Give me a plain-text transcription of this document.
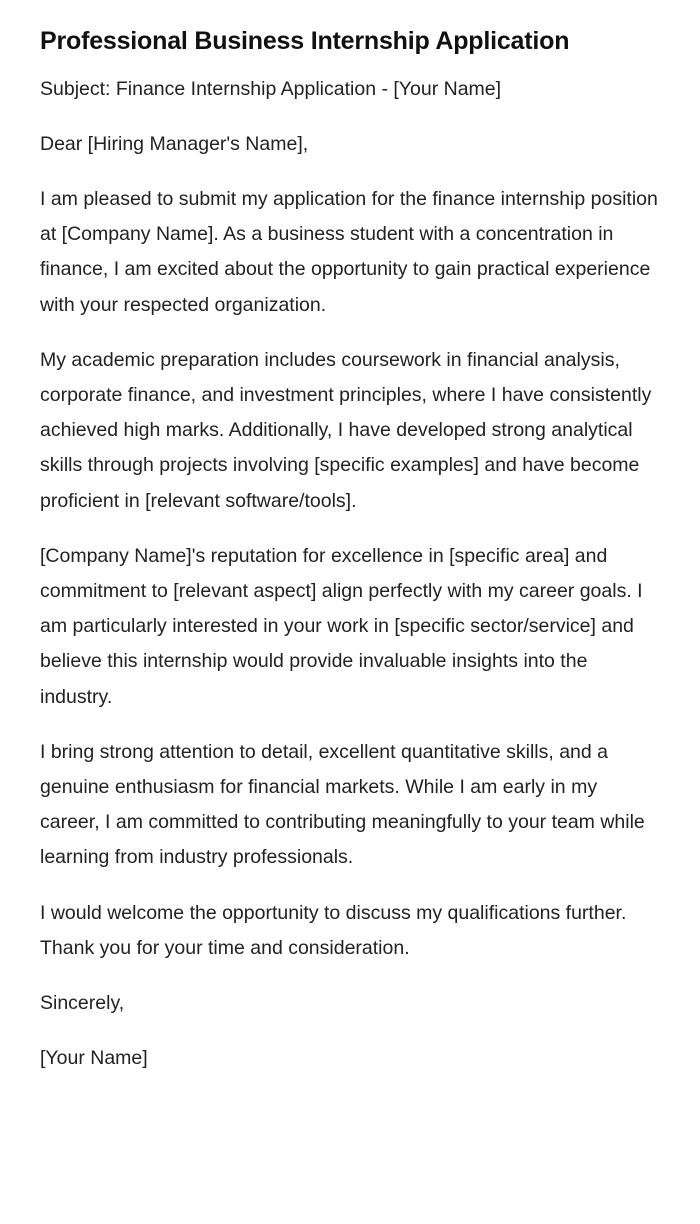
Professional Business Internship Application

Subject: Finance Internship Application - [Your Name]

Dear [Hiring Manager's Name],

I am pleased to submit my application for the finance internship position at [Company Name]. As a business student with a concentration in finance, I am excited about the opportunity to gain practical experience with your respected organization.

My academic preparation includes coursework in financial analysis, corporate finance, and investment principles, where I have consistently achieved high marks. Additionally, I have developed strong analytical skills through projects involving [specific examples] and have become proficient in [relevant software/tools].

[Company Name]'s reputation for excellence in [specific area] and commitment to [relevant aspect] align perfectly with my career goals. I am particularly interested in your work in [specific sector/service] and believe this internship would provide invaluable insights into the industry.

I bring strong attention to detail, excellent quantitative skills, and a genuine enthusiasm for financial markets. While I am early in my career, I am committed to contributing meaningfully to your team while learning from industry professionals.

I would welcome the opportunity to discuss my qualifications further. Thank you for your time and consideration.

Sincerely,

[Your Name]
